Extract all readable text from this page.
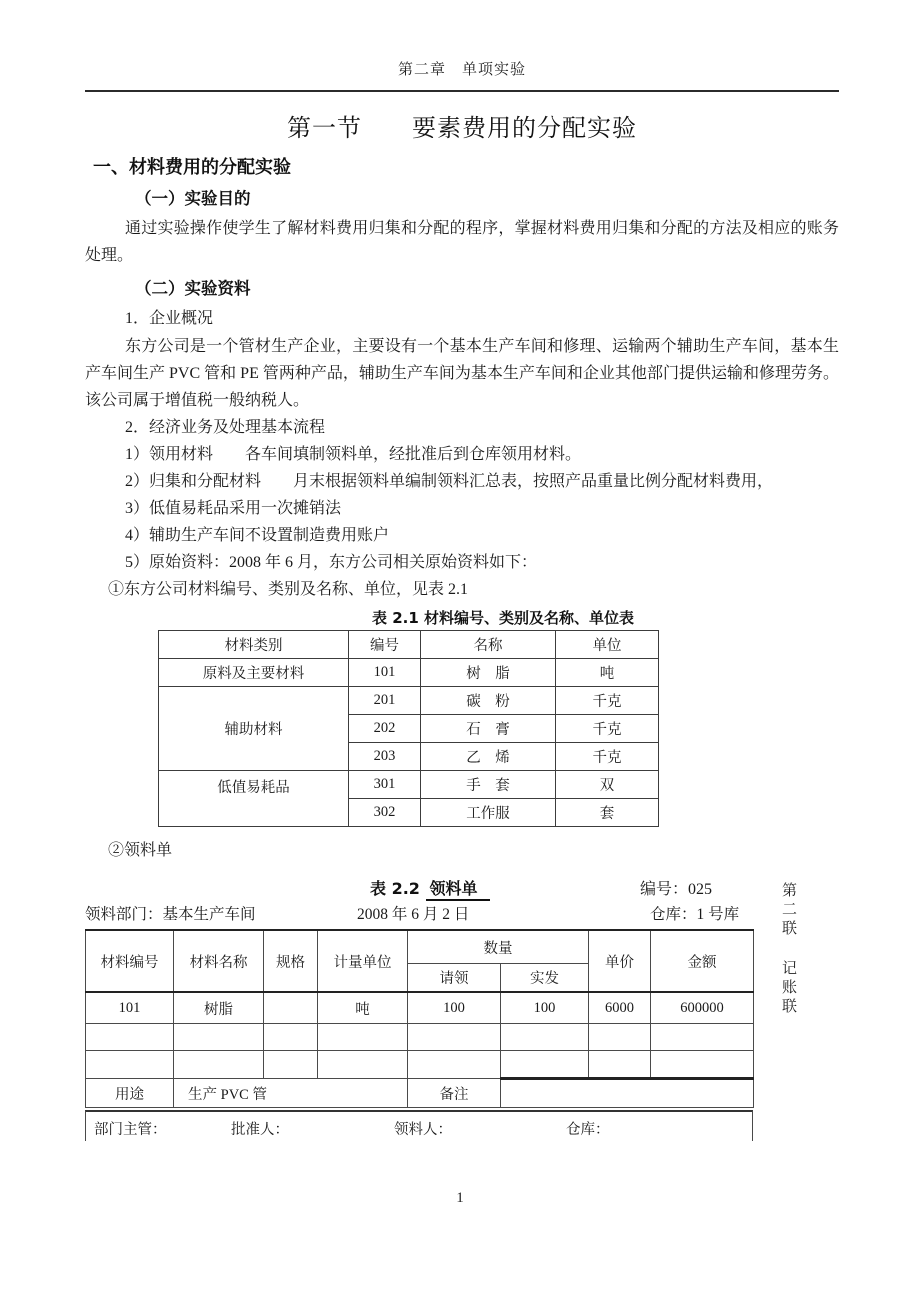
第二章　单项实验
第一节　　要素费用的分配实验
一、材料费用的分配实验
（一）实验目的

通过实验操作使学生了解材料费用归集和分配的程序，掌握材料费用归集和分配的方法及相应的账务处理。

（二）实验资料
1．企业概况

东方公司是一个管材生产企业，主要设有一个基本生产车间和修理、运输两个辅助生产车间，基本生产车间生产 PVC 管和 PE 管两种产品，辅助生产车间为基本生产车间和企业其他部门提供运输和修理劳务。该公司属于增值税一般纳税人。

2．经济业务及处理基本流程

1）领用材料　　各车间填制领料单，经批准后到仓库领用材料。

2）归集和分配材料　　月末根据领料单编制领料汇总表，按照产品重量比例分配材料费用，

3）低值易耗品采用一次摊销法

4）辅助生产车间不设置制造费用账户

5）原始资料：2008 年 6 月，东方公司相关原始资料如下：

①东方公司材料编号、类别及名称、单位，见表 2.1
表 2.1 材料编号、类别及名称、单位表
材料类别	编号	名称	单位
原料及主要材料	101	树　脂	吨
辅助材料	201	碳　粉	千克
	202	石　膏	千克
	203	乙　烯	千克
低值易耗品	301	手　套	双
	302	工作服	套
②领料单
表 2.2 领料单	编号：025
领料部门：基本生产车间	2008 年 6 月 2 日	仓库：1 号库
材料编号	材料名称	规格	计量单位	数量		单价	金额
				请领	实发		
101	树脂		吨	100	100	6000	600000

用途	生产 PVC 管			备注			
部门主管：	批准人：	领料人：	仓库：
第二联
记账联
1
